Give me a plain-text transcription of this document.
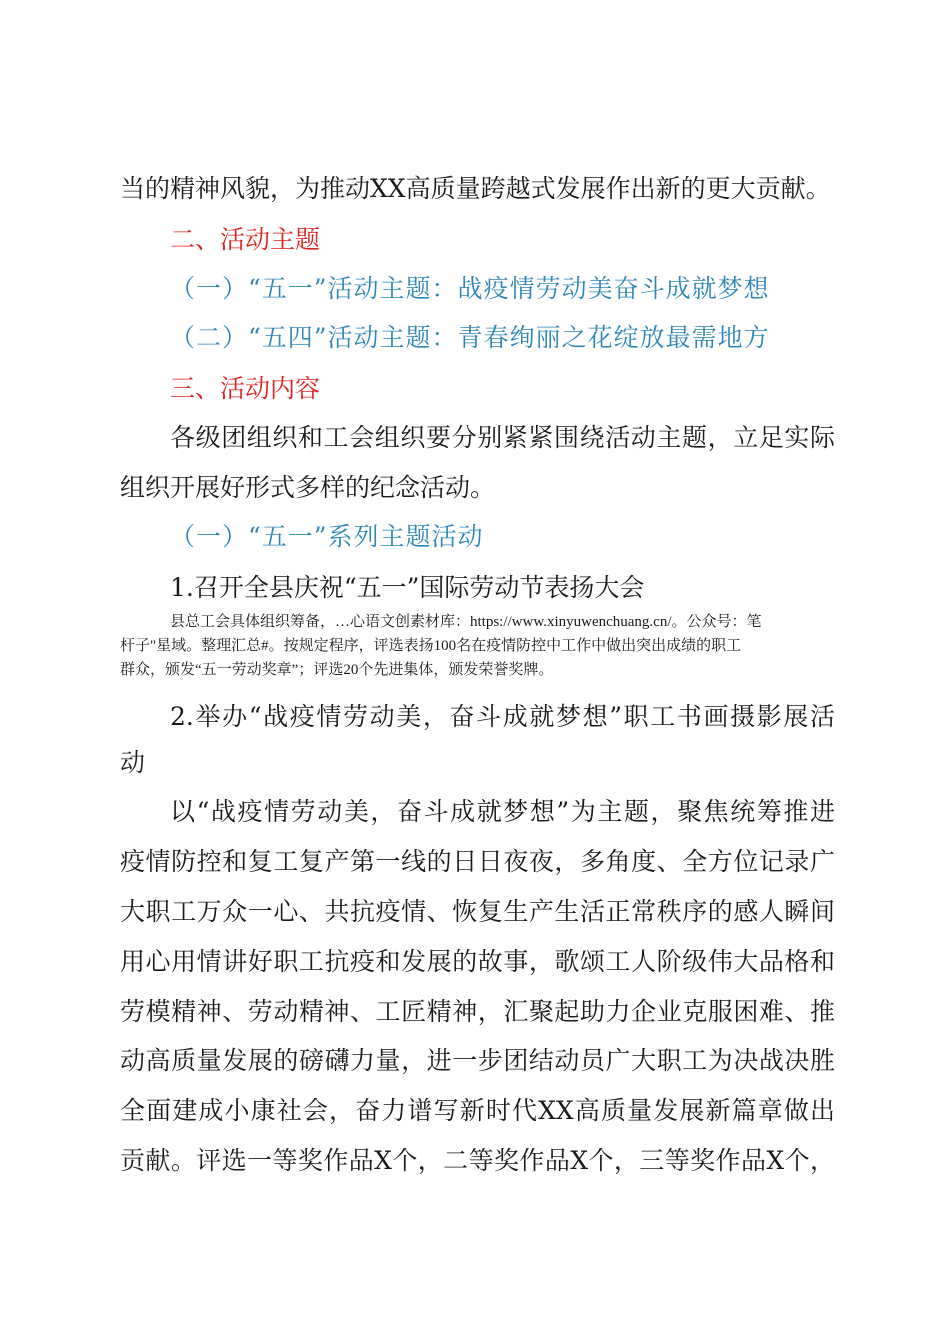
当的精神风貌，为推动XX高质量跨越式发展作出新的更大贡献。
二、活动主题
（一）“五一”活动主题：战疫情劳动美奋斗成就梦想
（二）“五四”活动主题：青春绚丽之花绽放最需地方
三、活动内容
各级团组织和工会组织要分别紧紧围绕活动主题，立足实际
组织开展好形式多样的纪念活动。
（一）“五一”系列主题活动
1.召开全县庆祝“五一”国际劳动节表扬大会
县总工会具体组织筹备，…心语文创素材库：https://www.xinyuwenchuang.cn/。公众号：笔
杆子"星域。整理汇总#。按规定程序，评选表扬100名在疫情防控中工作中做出突出成绩的职工
群众，颁发“五一劳动奖章”；评选20个先进集体，颁发荣誉奖牌。
2.举办“战疫情劳动美，奋斗成就梦想”职工书画摄影展活
动
以“战疫情劳动美，奋斗成就梦想”为主题，聚焦统筹推进
疫情防控和复工复产第一线的日日夜夜，多角度、全方位记录广
大职工万众一心、共抗疫情、恢复生产生活正常秩序的感人瞬间
用心用情讲好职工抗疫和发展的故事，歌颂工人阶级伟大品格和
劳模精神、劳动精神、工匠精神，汇聚起助力企业克服困难、推
动高质量发展的磅礴力量，进一步团结动员广大职工为决战决胜
全面建成小康社会，奋力谱写新时代XX高质量发展新篇章做出
贡献。评选一等奖作品X个，二等奖作品X个，三等奖作品X个，
